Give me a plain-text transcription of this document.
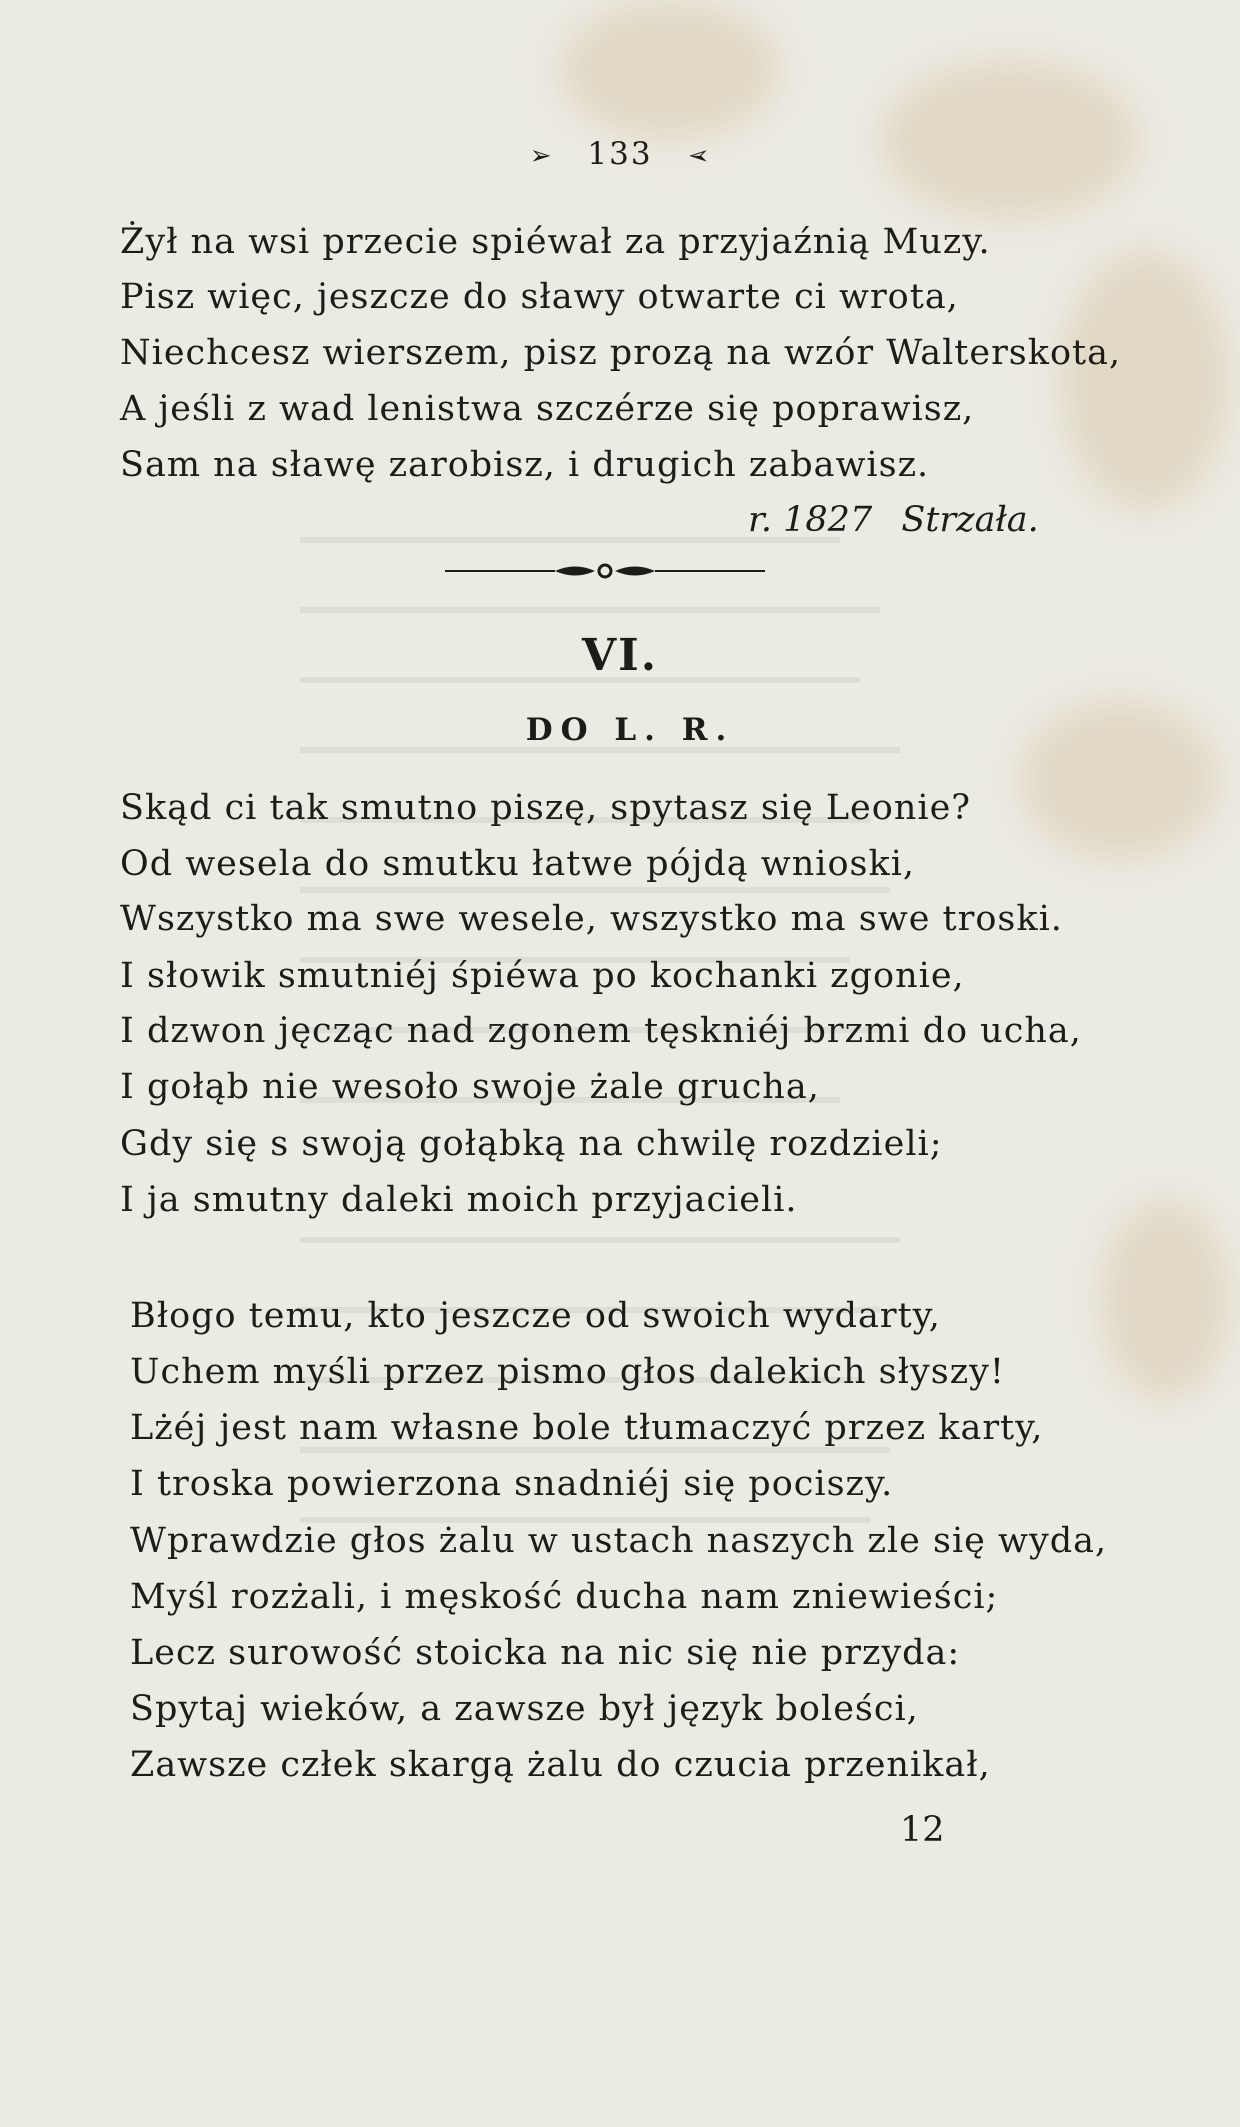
➢ 133 ➢
Żył na wsi przecie spiéwał za przyjaźnią Muzy.
Pisz więc, jeszcze do sławy otwarte ci wrota,
Niechcesz wierszem, pisz prozą na wzór Walterskota,
A jeśli z wad lenistwa szczérze się poprawisz,
Sam na sławę zarobisz, i drugich zabawisz.
r. 1827 Strzała.
VI.
DO L. R.
Skąd ci tak smutno piszę, spytasz się Leonie?
Od wesela do smutku łatwe pójdą wnioski,
Wszystko ma swe wesele, wszystko ma swe troski.
I słowik smutniéj śpiéwa po kochanki zgonie,
I dzwon jęcząc nad zgonem tęskniéj brzmi do ucha,
I gołąb nie wesoło swoje żale grucha,
Gdy się s swoją gołąbką na chwilę rozdzieli;
I ja smutny daleki moich przyjacieli.
Błogo temu, kto jeszcze od swoich wydarty,
Uchem myśli przez pismo głos dalekich słyszy!
Lżéj jest nam własne bole tłumaczyć przez karty,
I troska powierzona snadniéj się pociszy.
Wprawdzie głos żalu w ustach naszych zle się wyda,
Myśl rozżali, i męskość ducha nam zniewieści;
Lecz surowość stoicka na nic się nie przyda:
Spytaj wieków, a zawsze był język boleści,
Zawsze człek skargą żalu do czucia przenikał,
12
